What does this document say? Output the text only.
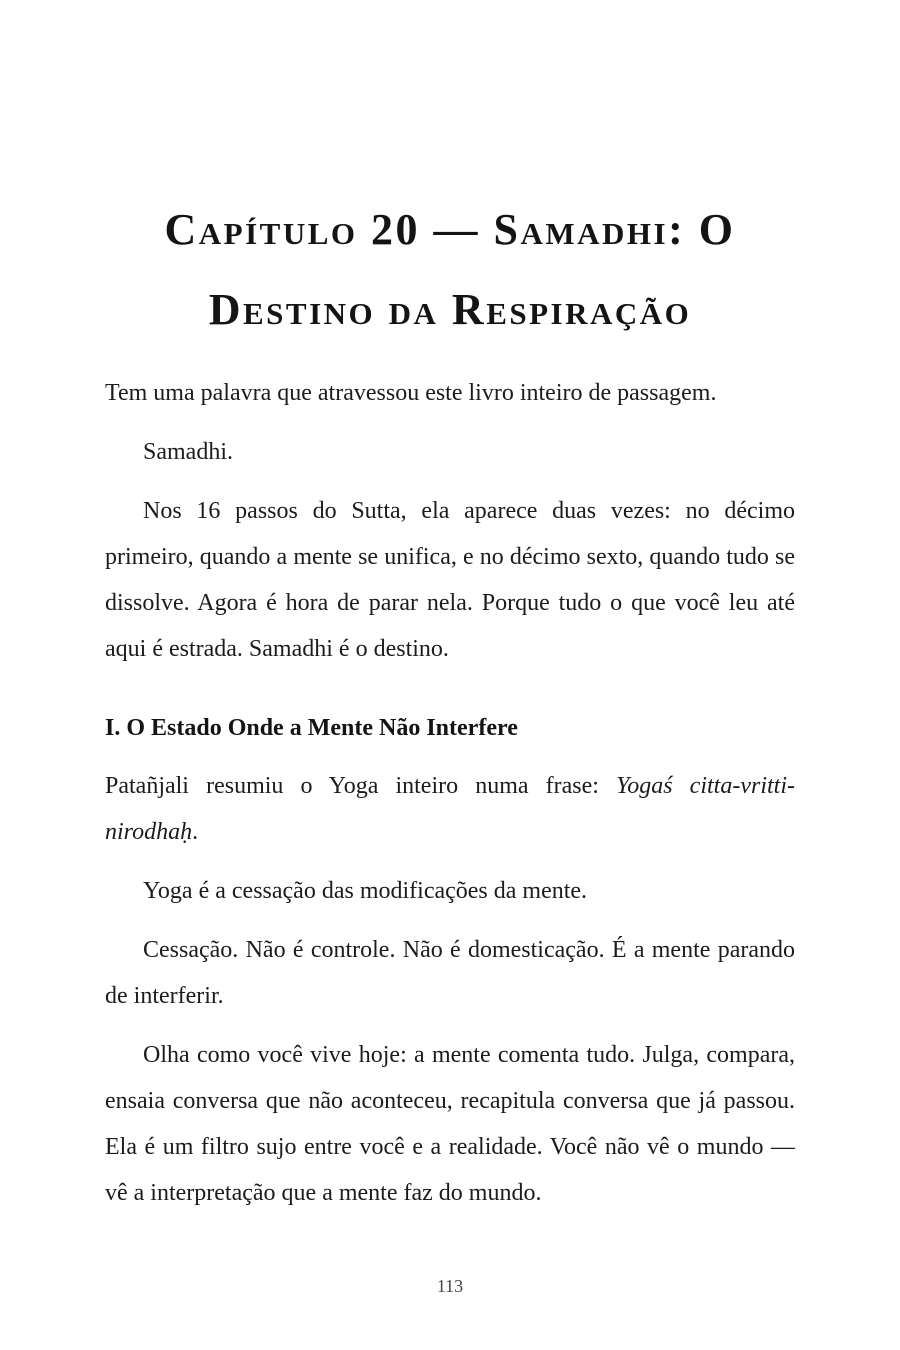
Capítulo 20 — Samadhi: O Destino da Respiração

Tem uma palavra que atravessou este livro inteiro de passagem.

Samadhi.

Nos 16 passos do Sutta, ela aparece duas vezes: no décimo primeiro, quando a mente se unifica, e no décimo sexto, quando tudo se dissolve. Agora é hora de parar nela. Porque tudo o que você leu até aqui é estrada. Samadhi é o destino.

I. O Estado Onde a Mente Não Interfere

Patañjali resumiu o Yoga inteiro numa frase: Yogaś citta-vritti-nirodhaḥ.

Yoga é a cessação das modificações da mente.

Cessação. Não é controle. Não é domesticação. É a mente parando de interferir.

Olha como você vive hoje: a mente comenta tudo. Julga, compara, ensaia conversa que não aconteceu, recapitula conversa que já passou. Ela é um filtro sujo entre você e a realidade. Você não vê o mundo — vê a interpretação que a mente faz do mundo.

113
